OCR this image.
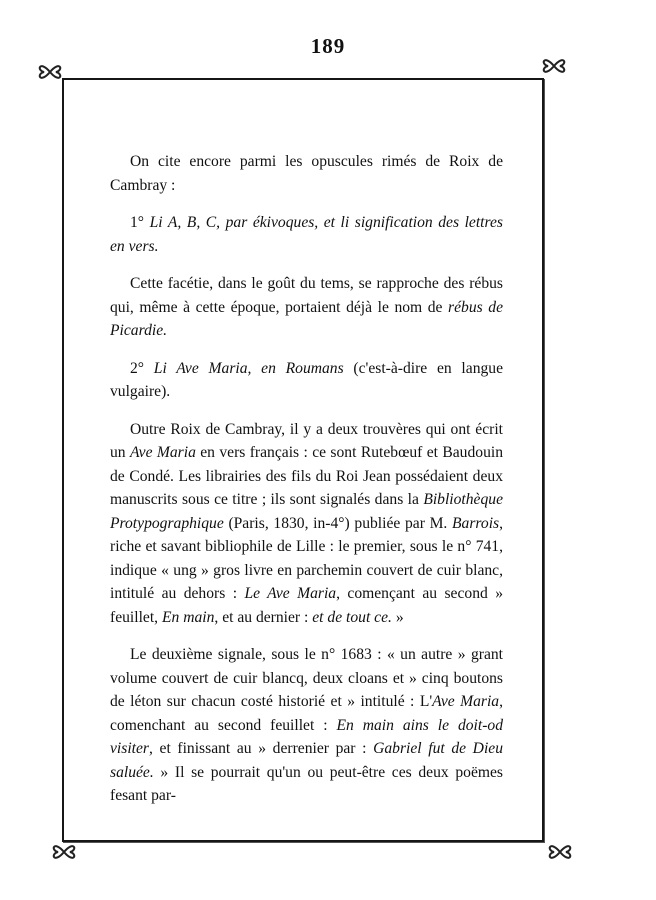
189

On cite encore parmi les opuscules rimés de Roix de Cambray :

1° Li A, B, C, par ékivoques, et li signification des lettres en vers.

Cette facétie, dans le goût du tems, se rapproche des rébus qui, même à cette époque, portaient déjà le nom de rébus de Picardie.

2° Li Ave Maria, en Roumans (c'est-à-dire en langue vulgaire).

Outre Roix de Cambray, il y a deux trouvères qui ont écrit un Ave Maria en vers français : ce sont Rutebœuf et Baudouin de Condé. Les librairies des fils du Roi Jean possédaient deux manuscrits sous ce titre ; ils sont signalés dans la Bibliothèque Protypographique (Paris, 1830, in-4°) publiée par M. Barrois, riche et savant bibliophile de Lille : le premier, sous le n° 741, indique « ung » gros livre en parchemin couvert de cuir blanc, intitulé au dehors : Le Ave Maria, començant au second » feuillet, En main, et au dernier : et de tout ce. »

Le deuxième signale, sous le n° 1683 : « un autre » grant volume couvert de cuir blancq, deux cloans et » cinq boutons de léton sur chacun costé historié et » intitulé : L'Ave Maria, comenchant au second feuillet : En main ains le doit-od visiter, et finissant au » derrenier par : Gabriel fut de Dieu saluée. » Il se pourrait qu'un ou peut-être ces deux poëmes fesant par-
